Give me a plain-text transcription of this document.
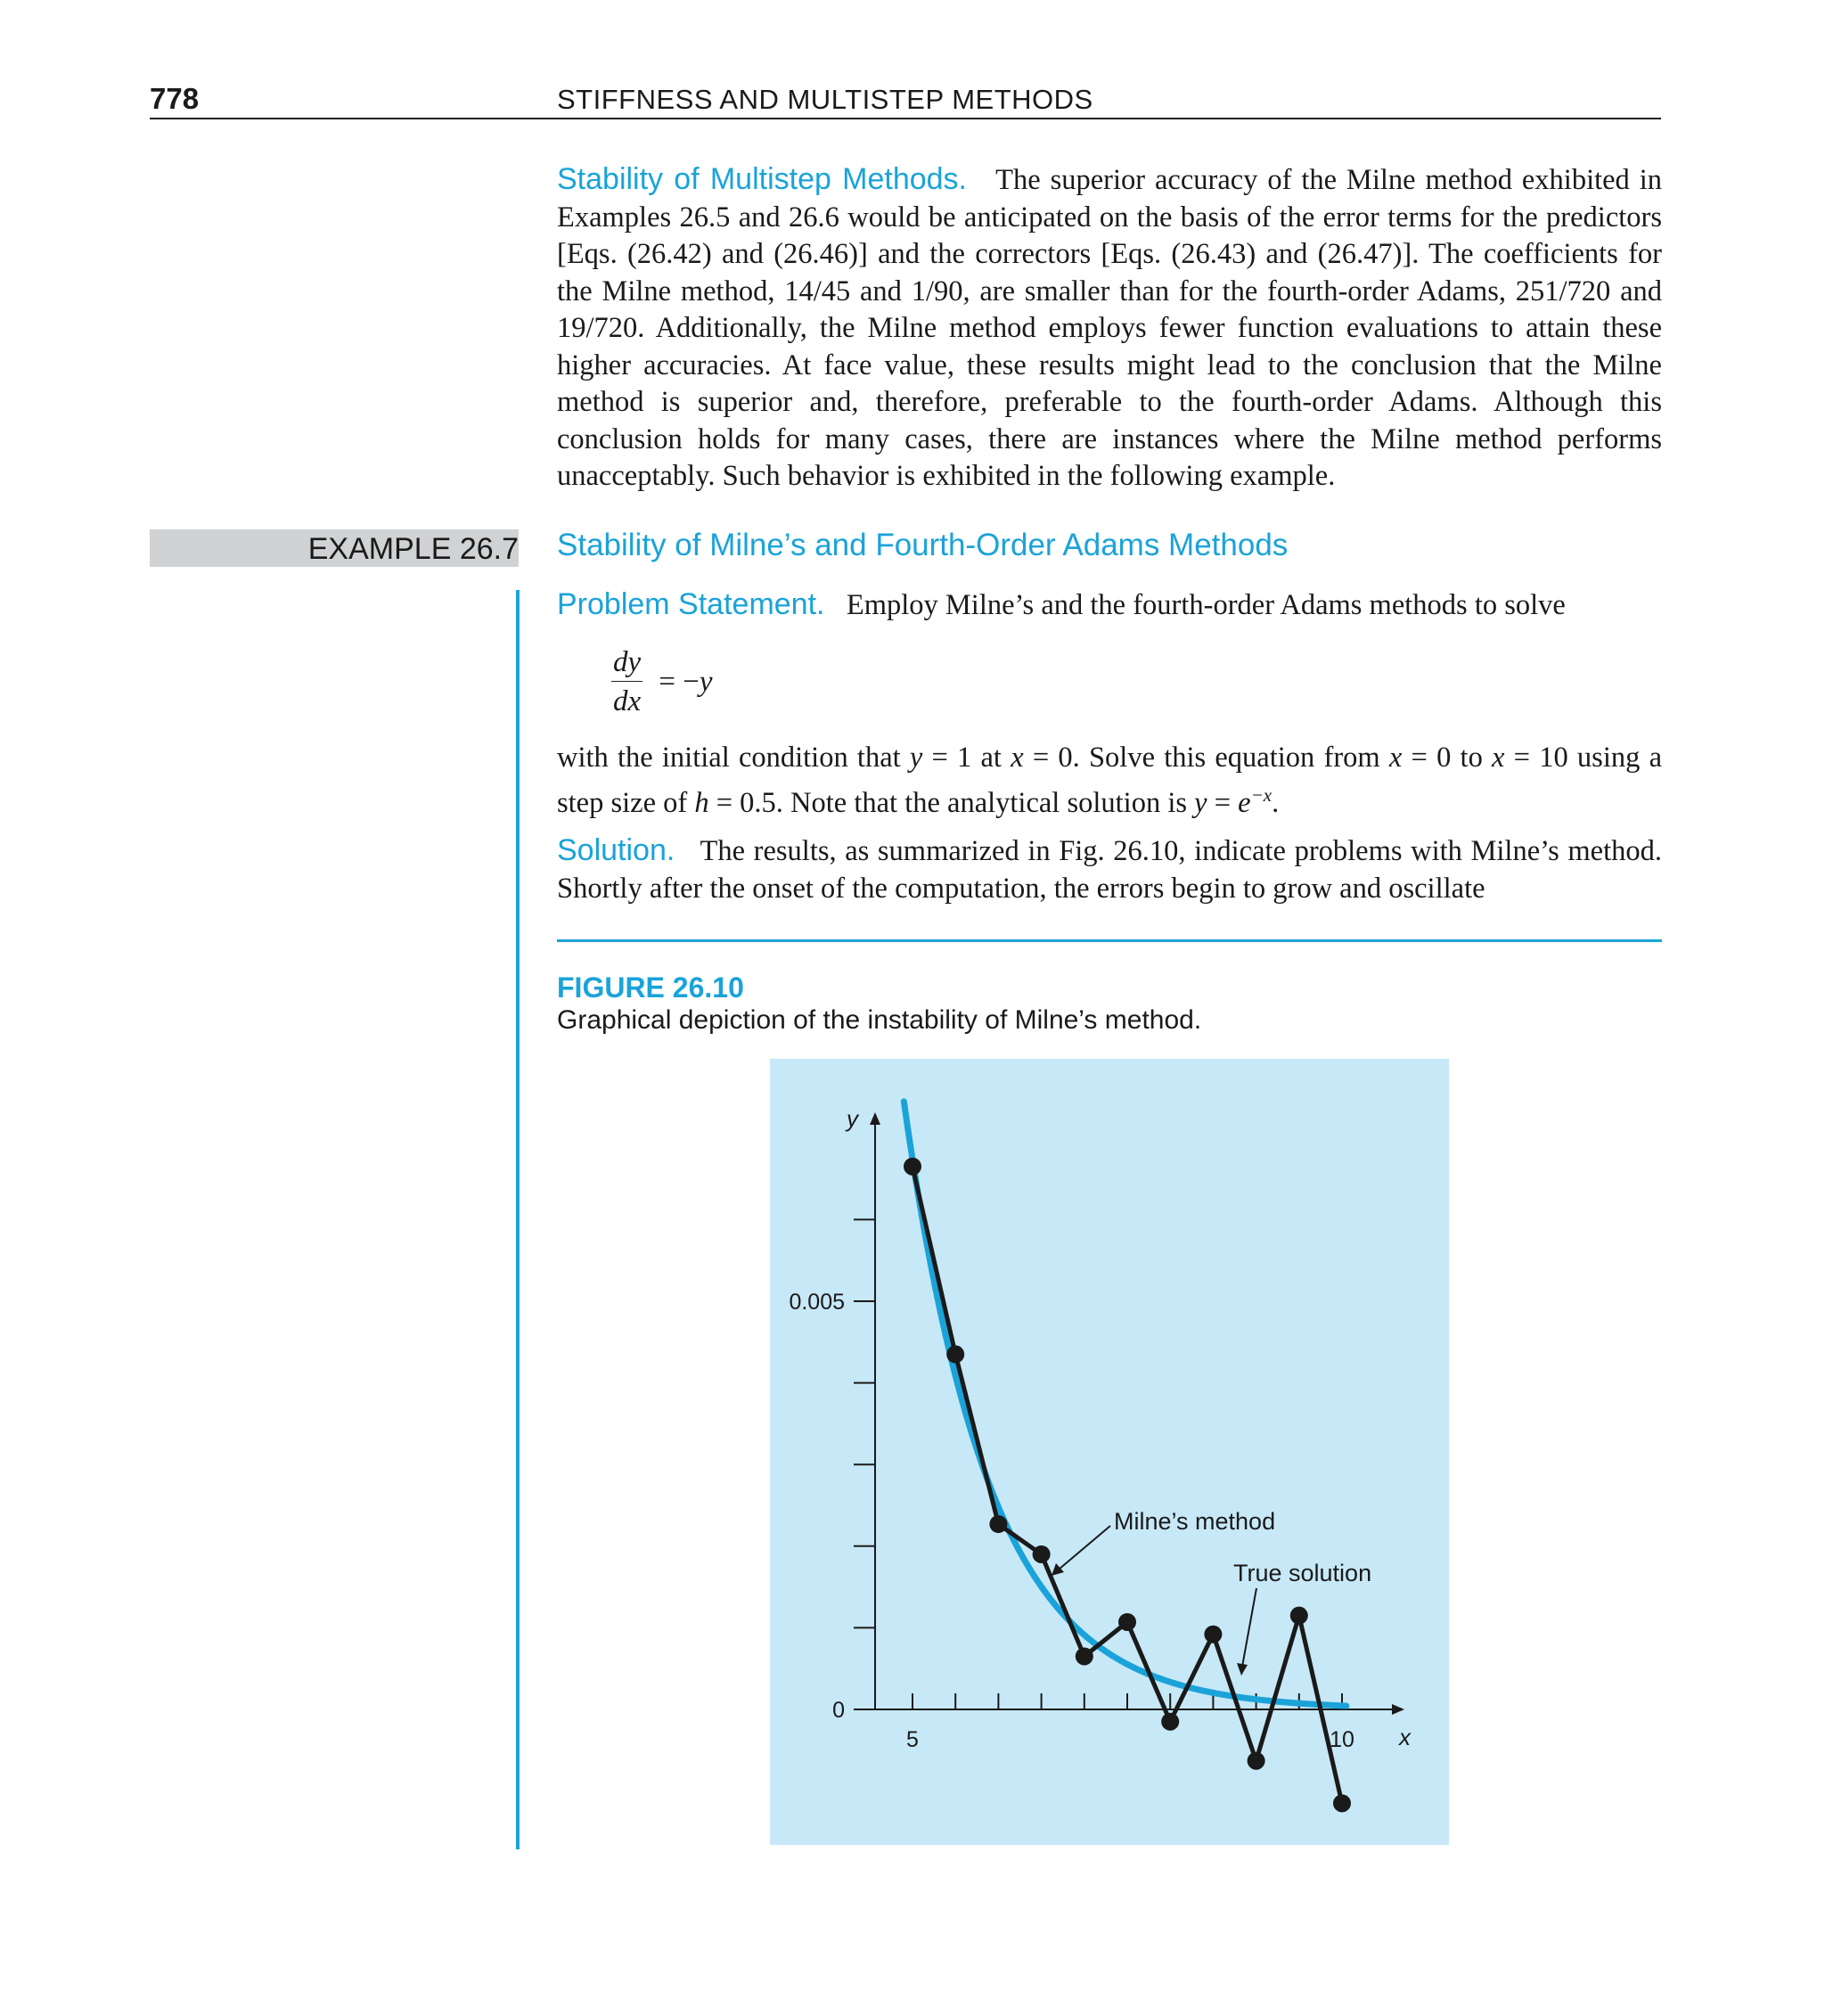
778	STIFFNESS AND MULTISTEP METHODS

Stability of Multistep Methods. The superior accuracy of the Milne method exhibited in Examples 26.5 and 26.6 would be anticipated on the basis of the error terms for the predictors [Eqs. (26.42) and (26.46)] and the correctors [Eqs. (26.43) and (26.47)]. The coefficients for the Milne method, 14/45 and 1/90, are smaller than for the fourth-order Adams, 251/720 and 19/720. Additionally, the Milne method employs fewer function evaluations to attain these higher accuracies. At face value, these results might lead to the conclusion that the Milne method is superior and, therefore, preferable to the fourth-order Adams. Although this conclusion holds for many cases, there are instances where the Milne method performs unacceptably. Such behavior is exhibited in the following example.

EXAMPLE 26.7 Stability of Milne’s and Fourth-Order Adams Methods

Problem Statement. Employ Milne’s and the fourth-order Adams methods to solve

$\frac{dy}{dx} = -y$

with the initial condition that y = 1 at x = 0. Solve this equation from x = 0 to x = 10 using a step size of h = 0.5. Note that the analytical solution is $y = e^{-x}$.

Solution. The results, as summarized in Fig. 26.10, indicate problems with Milne’s method. Shortly after the onset of the computation, the errors begin to grow and oscillate

FIGURE 26.10
Graphical depiction of the instability of Milne’s method.
x
y
5	10
0
0.005
Milne’s method
True solution
